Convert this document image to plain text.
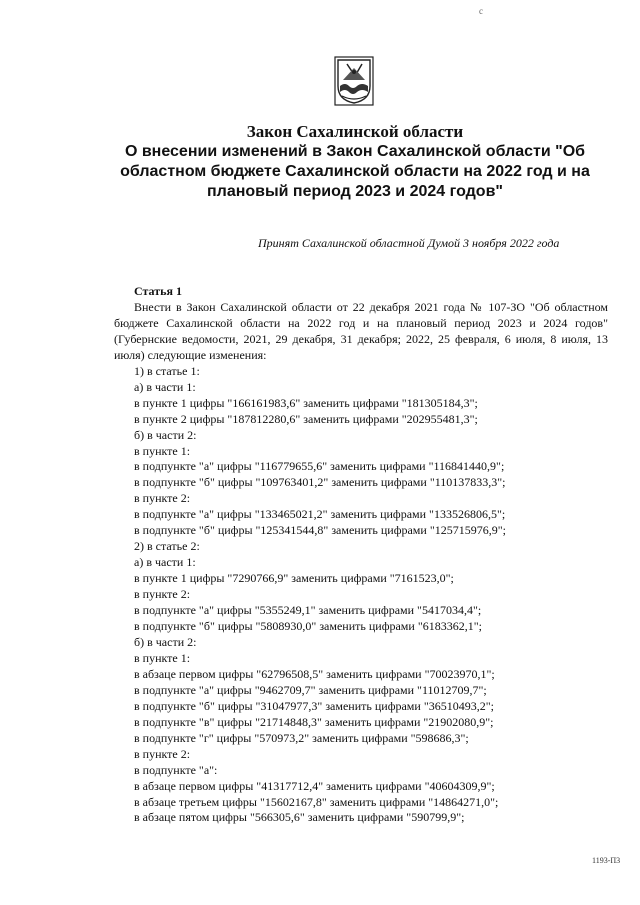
с
Закон Сахалинской области
О внесении изменений в Закон Сахалинской области "Об областном бюджете Сахалинской области на 2022 год и на плановый период 2023 и 2024 годов"
Принят Сахалинской областной Думой 3 ноября 2022 года
Статья 1
Внести в Закон Сахалинской области от 22 декабря 2021 года № 107-ЗО "Об областном бюджете Сахалинской области на 2022 год и на плановый период 2023 и 2024 годов" (Губернские ведомости, 2021, 29 декабря, 31 декабря; 2022, 25 февраля, 6 июля, 8 июля, 13 июля) следующие изменения:
1) в статье 1:
а) в части 1:
в пункте 1 цифры "166161983,6" заменить цифрами "181305184,3";
в пункте 2 цифры "187812280,6" заменить цифрами "202955481,3";
б) в части 2:
в пункте 1:
в подпункте "а" цифры "116779655,6" заменить цифрами "116841440,9";
в подпункте "б" цифры "109763401,2" заменить цифрами "110137833,3";
в пункте 2:
в подпункте "а" цифры "133465021,2" заменить цифрами "133526806,5";
в подпункте "б" цифры "125341544,8" заменить цифрами "125715976,9";
2) в статье 2:
а) в части 1:
в пункте 1 цифры "7290766,9" заменить цифрами "7161523,0";
в пункте 2:
в подпункте "а" цифры "5355249,1" заменить цифрами "5417034,4";
в подпункте "б" цифры "5808930,0" заменить цифрами "6183362,1";
б) в части 2:
в пункте 1:
в абзаце первом цифры "62796508,5" заменить цифрами "70023970,1";
в подпункте "а" цифры "9462709,7" заменить цифрами "11012709,7";
в подпункте "б" цифры "31047977,3" заменить цифрами "36510493,2";
в подпункте "в" цифры "21714848,3" заменить цифрами "21902080,9";
в подпункте "г" цифры "570973,2" заменить цифрами "598686,3";
в пункте 2:
в подпункте "а":
в абзаце первом цифры "41317712,4" заменить цифрами "40604309,9";
в абзаце третьем цифры "15602167,8" заменить цифрами "14864271,0";
в абзаце пятом цифры "566305,6" заменить цифрами "590799,9";
1193-П3
